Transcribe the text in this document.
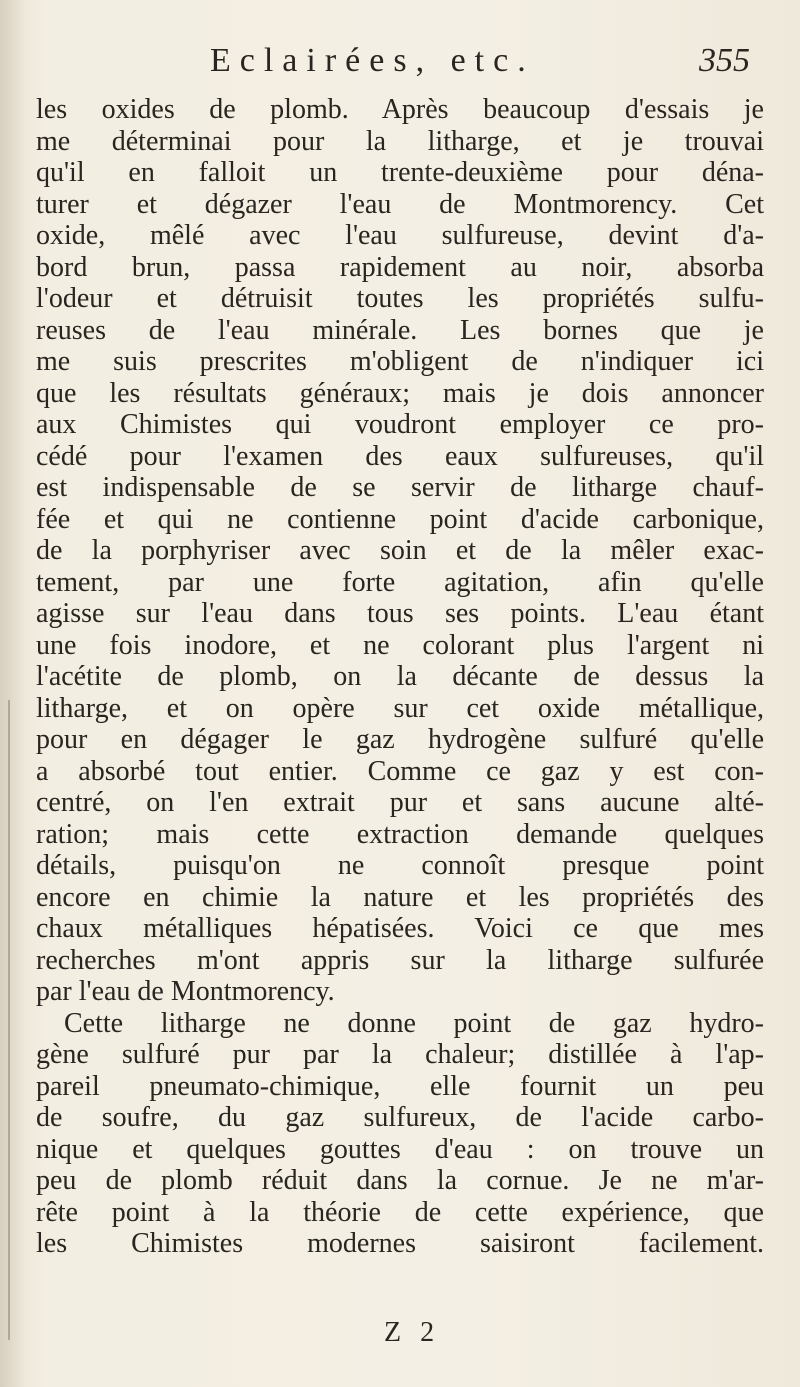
Eclairées, etc.	355
les oxides de plomb. Après beaucoup d'essais je
me déterminai pour la litharge, et je trouvai
qu'il en falloit un trente-deuxième pour déna-
turer et dégazer l'eau de Montmorency. Cet
oxide, mêlé avec l'eau sulfureuse, devint d'a-
bord brun, passa rapidement au noir, absorba
l'odeur et détruisit toutes les propriétés sulfu-
reuses de l'eau minérale. Les bornes que je
me suis prescrites m'obligent de n'indiquer ici
que les résultats généraux; mais je dois annoncer
aux Chimistes qui voudront employer ce pro-
cédé pour l'examen des eaux sulfureuses, qu'il
est indispensable de se servir de litharge chauf-
fée et qui ne contienne point d'acide carbonique,
de la porphyriser avec soin et de la mêler exac-
tement, par une forte agitation, afin qu'elle
agisse sur l'eau dans tous ses points. L'eau étant
une fois inodore, et ne colorant plus l'argent ni
l'acétite de plomb, on la décante de dessus la
litharge, et on opère sur cet oxide métallique,
pour en dégager le gaz hydrogène sulfuré qu'elle
a absorbé tout entier. Comme ce gaz y est con-
centré, on l'en extrait pur et sans aucune alté-
ration; mais cette extraction demande quelques
détails, puisqu'on ne connoît presque point
encore en chimie la nature et les propriétés des
chaux métalliques hépatisées. Voici ce que mes
recherches m'ont appris sur la litharge sulfurée
par l'eau de Montmorency.
Cette litharge ne donne point de gaz hydro-
gène sulfuré pur par la chaleur; distillée à l'ap-
pareil pneumato-chimique, elle fournit un peu
de soufre, du gaz sulfureux, de l'acide carbo-
nique et quelques gouttes d'eau : on trouve un
peu de plomb réduit dans la cornue. Je ne m'ar-
rête point à la théorie de cette expérience, que
les Chimistes modernes saisiront facilement.
Z 2
